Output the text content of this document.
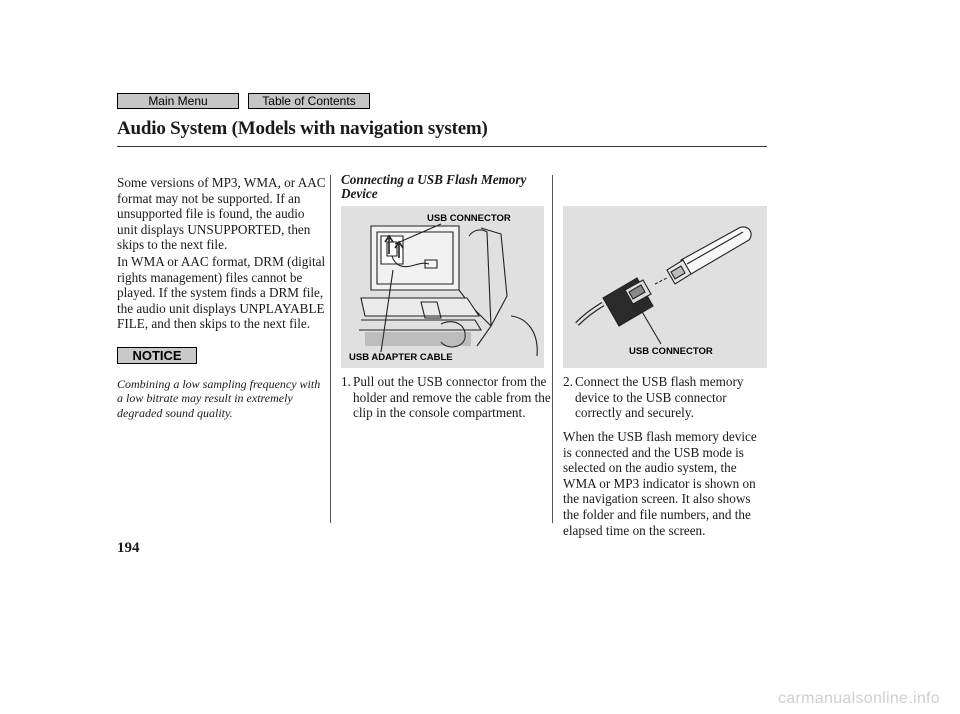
Main Menu	Table of Contents
Audio System (Models with navigation system)

Some versions of MP3, WMA, or AAC format may not be supported. If an unsupported file is found, the audio unit displays UNSUPPORTED, then skips to the next file.

In WMA or AAC format, DRM (digital rights management) files cannot be played. If the system finds a DRM file, the audio unit displays UNPLAYABLE FILE, and then skips to the next file.

NOTICE

Combining a low sampling frequency with a low bitrate may result in extremely degraded sound quality.

Connecting a USB Flash Memory Device

USB CONNECTOR
USB ADAPTER CABLE
USB CONNECTOR
1. Pull out the USB connector from the holder and remove the cable from the clip in the console compartment.
2. Connect the USB flash memory device to the USB connector correctly and securely.

When the USB flash memory device is connected and the USB mode is selected on the audio system, the WMA or MP3 indicator is shown on the navigation screen. It also shows the folder and file numbers, and the elapsed time on the screen.

194
carmanualsonline.info
